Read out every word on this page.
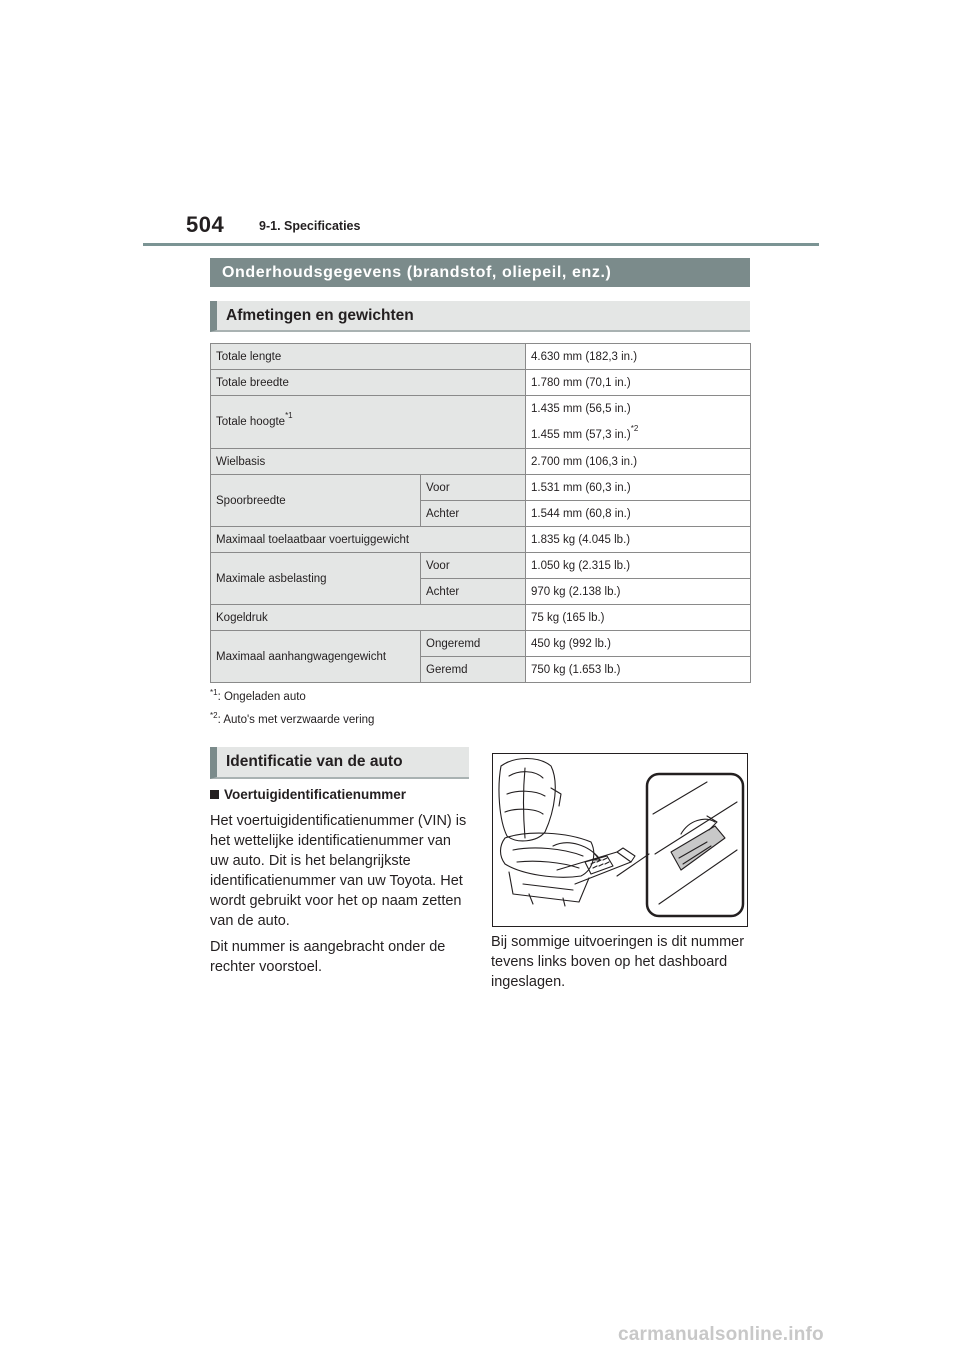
504	9-1. Specificaties
Onderhoudsgegevens (brandstof, oliepeil, enz.)
Afmetingen en gewichten
Totale lengte		4.630 mm (182,3 in.)
Totale breedte		1.780 mm (70,1 in.)
Totale hoogte$^{*1}$		1.435 mm (56,5 in.)
1.455 mm (57,3 in.)$^{*2}$

Wielbasis		2.700 mm (106,3 in.)
Spoorbreedte	Voor	1.531 mm (60,3 in.)
	Achter	1.544 mm (60,8 in.)
Maximaal toelaatbaar voertuiggewicht		1.835 kg (4.045 lb.)
Maximale asbelasting	Voor	1.050 kg (2.315 lb.)
	Achter	970 kg (2.138 lb.)
Kogeldruk		75 kg (165 lb.)
Maximaal aanhangwagengewicht	Ongeremd	450 kg (992 lb.)
	Geremd	750 kg (1.653 lb.)
$^{*1}$: Ongeladen auto
$^{*2}$: Auto's met verzwaarde vering
Identificatie van de auto
Voertuigidentificatienummer

Het voertuigidentificatienummer (VIN) is het wettelijke identificatienummer van uw auto. Dit is het belangrijkste identificatienummer van uw Toyota. Het wordt gebruikt voor het op naam zetten van de auto.

Dit nummer is aangebracht onder de rechter voorstoel.

Bij sommige uitvoeringen is dit nummer tevens links boven op het dashboard ingeslagen.

carmanualsonline.info
